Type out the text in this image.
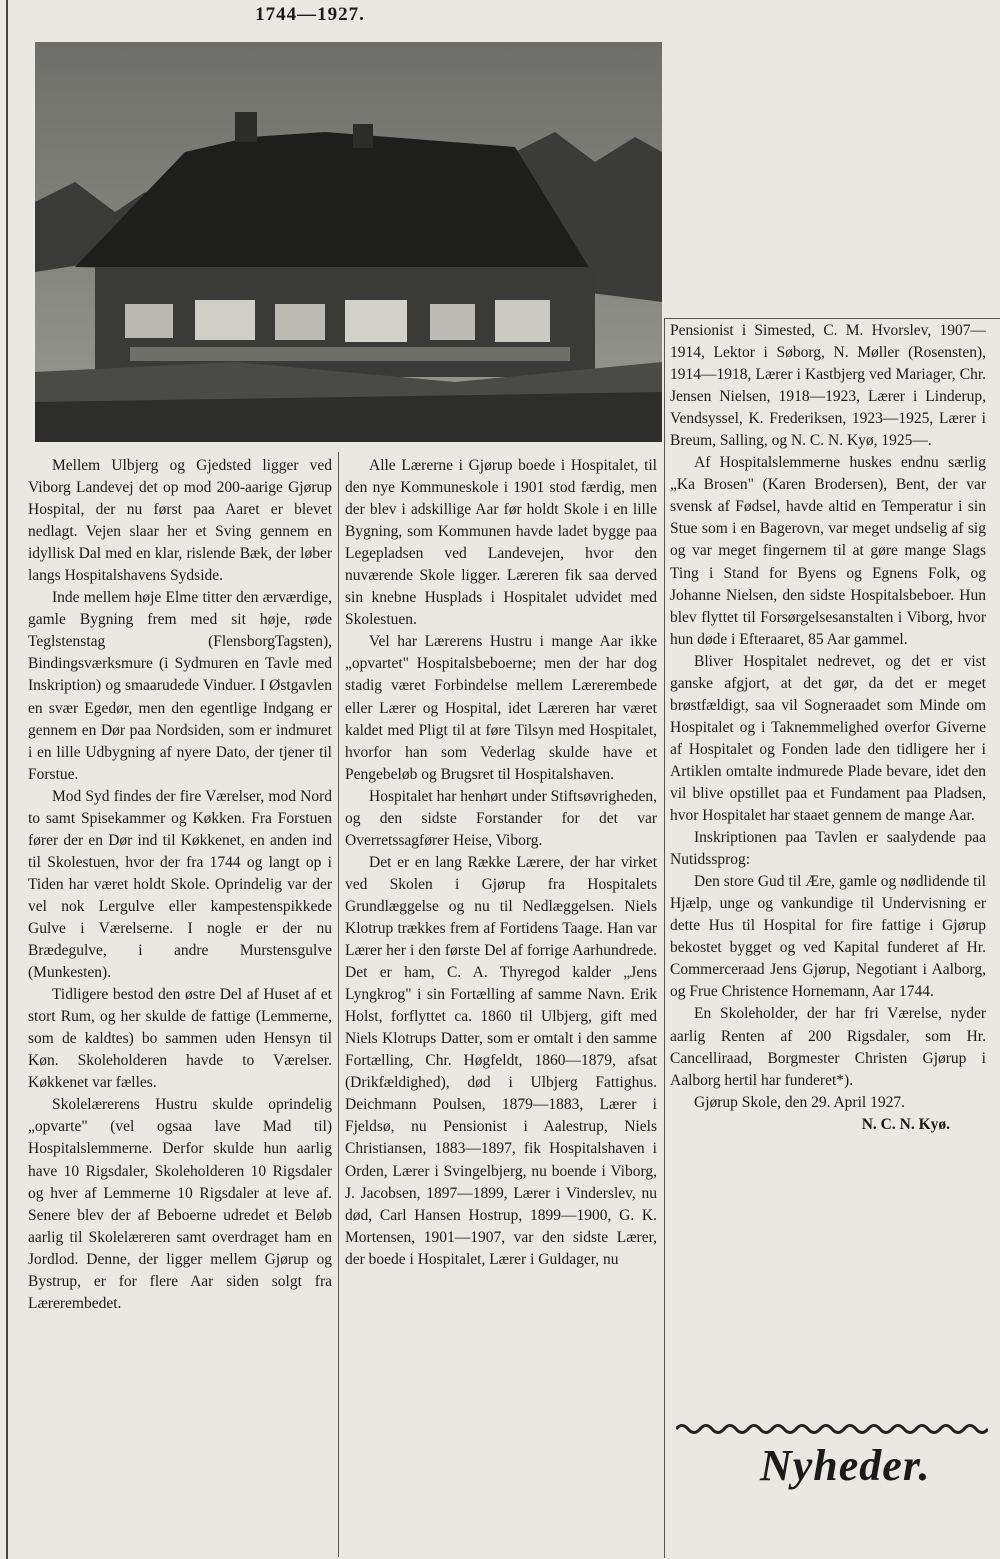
1744—1927.

Mellem Ulbjerg og Gjedsted ligger ved Viborg Landevej det op mod 200-aarige Gjørup Hospital, der nu først paa Aaret er blevet nedlagt. Vejen slaar her et Sving gennem en idyllisk Dal med en klar, rislende Bæk, der løber langs Hospitalshavens Sydside.

Inde mellem høje Elme titter den ærværdige, gamle Bygning frem med sit høje, røde Teglstenstag (FlensborgTagsten), Bindingsværksmure (i Sydmuren en Tavle med Inskription) og smaarudede Vinduer. I Østgavlen en svær Egedør, men den egentlige Indgang er gennem en Dør paa Nordsiden, som er indmuret i en lille Udbygning af nyere Dato, der tjener til Forstue.

Mod Syd findes der fire Værelser, mod Nord to samt Spisekammer og Køkken. Fra Forstuen fører der en Dør ind til Køkkenet, en anden ind til Skolestuen, hvor der fra 1744 og langt op i Tiden har været holdt Skole. Oprindelig var der vel nok Lergulve eller kampestenspikkede Gulve i Værelserne. I nogle er der nu Brædegulve, i andre Murstensgulve (Munkesten).

Tidligere bestod den østre Del af Huset af et stort Rum, og her skulde de fattige (Lemmerne, som de kaldtes) bo sammen uden Hensyn til Køn. Skoleholderen havde to Værelser. Køkkenet var fælles.

Skolelærerens Hustru skulde oprindelig „opvarte" (vel ogsaa lave Mad til) Hospitalslemmerne. Derfor skulde hun aarlig have 10 Rigsdaler, Skoleholderen 10 Rigsdaler og hver af Lemmerne 10 Rigsdaler at leve af. Senere blev der af Beboerne udredet et Beløb aarlig til Skolelæreren samt overdraget ham en Jordlod. Denne, der ligger mellem Gjørup og Bystrup, er for flere Aar siden solgt fra Lærerembedet.

Alle Lærerne i Gjørup boede i Hospitalet, til den nye Kommuneskole i 1901 stod færdig, men der blev i adskillige Aar før holdt Skole i en lille Bygning, som Kommunen havde ladet bygge paa Legepladsen ved Landevejen, hvor den nuværende Skole ligger. Læreren fik saa derved sin knebne Husplads i Hospitalet udvidet med Skolestuen.

Vel har Lærerens Hustru i mange Aar ikke „opvartet" Hospitalsbeboerne; men der har dog stadig været Forbindelse mellem Lærerembede eller Lærer og Hospital, idet Læreren har været kaldet med Pligt til at føre Tilsyn med Hospitalet, hvorfor han som Vederlag skulde have et Pengebeløb og Brugsret til Hospitalshaven.

Hospitalet har henhørt under Stiftsøvrigheden, og den sidste Forstander for det var Overretssagfører Heise, Viborg.

Det er en lang Række Lærere, der har virket ved Skolen i Gjørup fra Hospitalets Grundlæggelse og nu til Nedlæggelsen. Niels Klotrup trækkes frem af Fortidens Taage. Han var Lærer her i den første Del af forrige Aarhundrede. Det er ham, C. A. Thyregod kalder „Jens Lyngkrog" i sin Fortælling af samme Navn. Erik Holst, forflyttet ca. 1860 til Ulbjerg, gift med Niels Klotrups Datter, som er omtalt i den samme Fortælling, Chr. Høgfeldt, 1860—1879, afsat (Drikfældighed), død i Ulbjerg Fattighus. Deichmann Poulsen, 1879—1883, Lærer i Fjeldsø, nu Pensionist i Aalestrup, Niels Christiansen, 1883—1897, fik Hospitalshaven i Orden, Lærer i Svingelbjerg, nu boende i Viborg, J. Jacobsen, 1897—1899, Lærer i Vinderslev, nu død, Carl Hansen Hostrup, 1899—1900, G. K. Mortensen, 1901—1907, var den sidste Lærer, der boede i Hospitalet, Lærer i Guldager, nu

Pensionist i Simested, C. M. Hvorslev, 1907—1914, Lektor i Søborg, N. Møller (Rosensten), 1914—1918, Lærer i Kastbjerg ved Mariager, Chr. Jensen Nielsen, 1918—1923, Lærer i Linderup, Vendsyssel, K. Frederiksen, 1923—1925, Lærer i Breum, Salling, og N. C. N. Kyø, 1925—.

Af Hospitalslemmerne huskes endnu særlig „Ka Brosen" (Karen Brodersen), Bent, der var svensk af Fødsel, havde altid en Temperatur i sin Stue som i en Bagerovn, var meget undselig af sig og var meget fingernem til at gøre mange Slags Ting i Stand for Byens og Egnens Folk, og Johanne Nielsen, den sidste Hospitalsbeboer. Hun blev flyttet til Forsørgelsesanstalten i Viborg, hvor hun døde i Efteraaret, 85 Aar gammel.

Bliver Hospitalet nedrevet, og det er vist ganske afgjort, at det gør, da det er meget brøstfældigt, saa vil Sogneraadet som Minde om Hospitalet og i Taknemmelighed overfor Giverne af Hospitalet og Fonden lade den tidligere her i Artiklen omtalte indmurede Plade bevare, idet den vil blive opstillet paa et Fundament paa Pladsen, hvor Hospitalet har staaet gennem de mange Aar.

Inskriptionen paa Tavlen er saalydende paa Nutidssprog:

Den store Gud til Ære, gamle og nødlidende til Hjælp, unge og vankundige til Undervisning er dette Hus til Hospital for fire fattige i Gjørup bekostet bygget og ved Kapital funderet af Hr. Commerceraad Jens Gjørup, Negotiant i Aalborg, og Frue Christence Hornemann, Aar 1744.

En Skoleholder, der har fri Værelse, nyder aarlig Renten af 200 Rigsdaler, som Hr. Cancelliraad, Borgmester Christen Gjørup i Aalborg hertil har funderet*).

Gjørup Skole, den 29. April 1927.

N. C. N. Kyø.

Nyheder.
